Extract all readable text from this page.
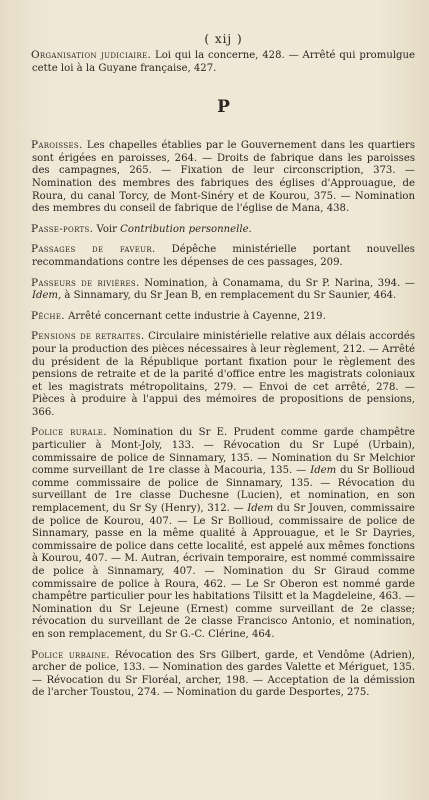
( xij )

Organisation judiciaire. Loi qui la concerne, 428. — Arrêté qui promulgue cette loi à la Guyane française, 427.

P

Paroisses. Les chapelles établies par le Gouvernement dans les quartiers sont érigées en paroisses, 264. — Droits de fabrique dans les paroisses des campagnes, 265. — Fixation de leur circonscription, 373. — Nomination des membres des fabriques des églises d'Approuague, de Roura, du canal Torcy, de Mont-Sinéry et de Kourou, 375. — Nomination des membres du conseil de fabrique de l'église de Mana, 438.

Passe-ports. Voir Contribution personnelle.

Passages de faveur. Dépêche ministérielle portant nouvelles recommandations contre les dépenses de ces passages, 209.

Passeurs de rivières. Nomination, à Conamama, du Sr P. Narina, 394. — Idem, à Sinnamary, du Sr Jean B, en remplacement du Sr Saunier, 464.

Pêche. Arrêté concernant cette industrie à Cayenne, 219.

Pensions de retraites. Circulaire ministérielle relative aux délais accordés pour la production des pièces nécessaires à leur règlement, 212. — Arrêté du président de la République portant fixation pour le règlement des pensions de retraite et de la parité d'office entre les magistrats coloniaux et les magistrats métropolitains, 279. — Envoi de cet arrêté, 278. — Pièces à produire à l'appui des mémoires de propositions de pensions, 366.

Police rurale. Nomination du Sr E. Prudent comme garde champêtre particulier à Mont-Joly, 133. — Révocation du Sr Lupé (Urbain), commissaire de police de Sinnamary, 135. — Nomination du Sr Melchior comme surveillant de 1re classe à Macouria, 135. — Idem du Sr Bollioud comme commissaire de police de Sinnamary, 135. — Révocation du surveillant de 1re classe Duchesne (Lucien), et nomination, en son remplacement, du Sr Sy (Henry), 312. — Idem du Sr Jouven, commissaire de police de Kourou, 407. — Le Sr Bollioud, commissaire de police de Sinnamary, passe en la même qualité à Approuague, et le Sr Dayries, commissaire de police dans cette localité, est appelé aux mêmes fonctions à Kourou, 407. — M. Autran, écrivain temporaire, est nommé commissaire de police à Sinnamary, 407. — Nomination du Sr Giraud comme commissaire de police à Roura, 462. — Le Sr Oberon est nommé garde champêtre particulier pour les habitations Tilsitt et la Magdeleine, 463. — Nomination du Sr Lejeune (Ernest) comme surveillant de 2e classe; révocation du surveillant de 2e classe Francisco Antonio, et nomination, en son remplacement, du Sr G.-C. Clérine, 464.

Police urbaine. Révocation des Srs Gilbert, garde, et Vendôme (Adrien), archer de police, 133. — Nomination des gardes Valette et Mériguet, 135. — Révocation du Sr Floréal, archer, 198. — Acceptation de la démission de l'archer Toustou, 274. — Nomination du garde Desportes, 275.
